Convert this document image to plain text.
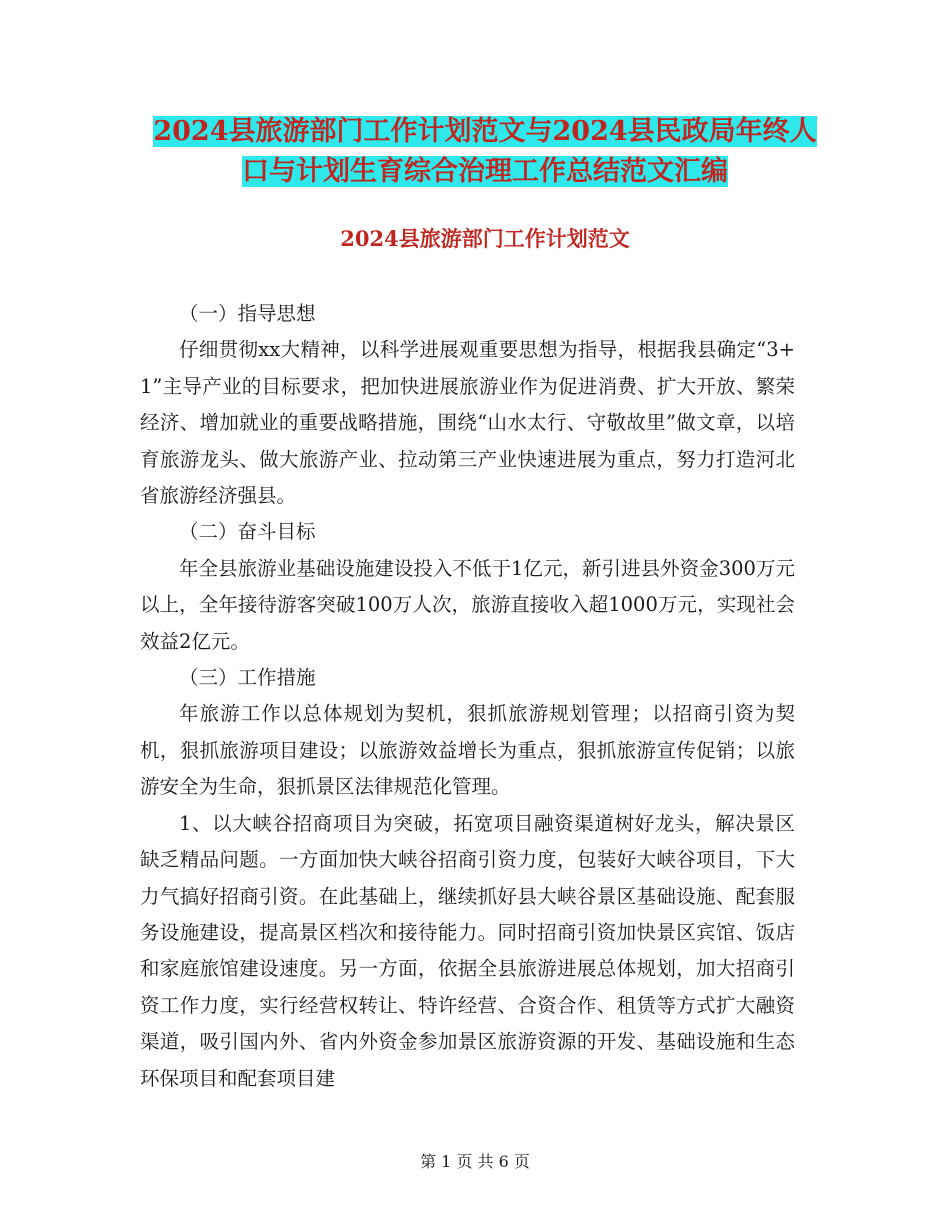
2024县旅游部门工作计划范文与2024县民政局年终人口与计划生育综合治理工作总结范文汇编
2024县旅游部门工作计划范文

（一）指导思想

仔细贯彻xx大精神，以科学进展观重要思想为指导，根据我县确定“3+1”主导产业的目标要求，把加快进展旅游业作为促进消费、扩大开放、繁荣经济、增加就业的重要战略措施，围绕“山水太行、守敬故里”做文章，以培育旅游龙头、做大旅游产业、拉动第三产业快速进展为重点，努力打造河北省旅游经济强县。

（二）奋斗目标

年全县旅游业基础设施建设投入不低于1亿元，新引进县外资金300万元以上，全年接待游客突破100万人次，旅游直接收入超1000万元，实现社会效益2亿元。

（三）工作措施

年旅游工作以总体规划为契机，狠抓旅游规划管理；以招商引资为契机，狠抓旅游项目建设；以旅游效益增长为重点，狠抓旅游宣传促销；以旅游安全为生命，狠抓景区法律规范化管理。

1、以大峡谷招商项目为突破，拓宽项目融资渠道树好龙头，解决景区缺乏精品问题。一方面加快大峡谷招商引资力度，包装好大峡谷项目，下大力气搞好招商引资。在此基础上，继续抓好县大峡谷景区基础设施、配套服务设施建设，提高景区档次和接待能力。同时招商引资加快景区宾馆、饭店和家庭旅馆建设速度。另一方面，依据全县旅游进展总体规划，加大招商引资工作力度，实行经营权转让、特许经营、合资合作、租赁等方式扩大融资渠道，吸引国内外、省内外资金参加景区旅游资源的开发、基础设施和生态环保项目和配套项目建

第 1 页 共 6 页
